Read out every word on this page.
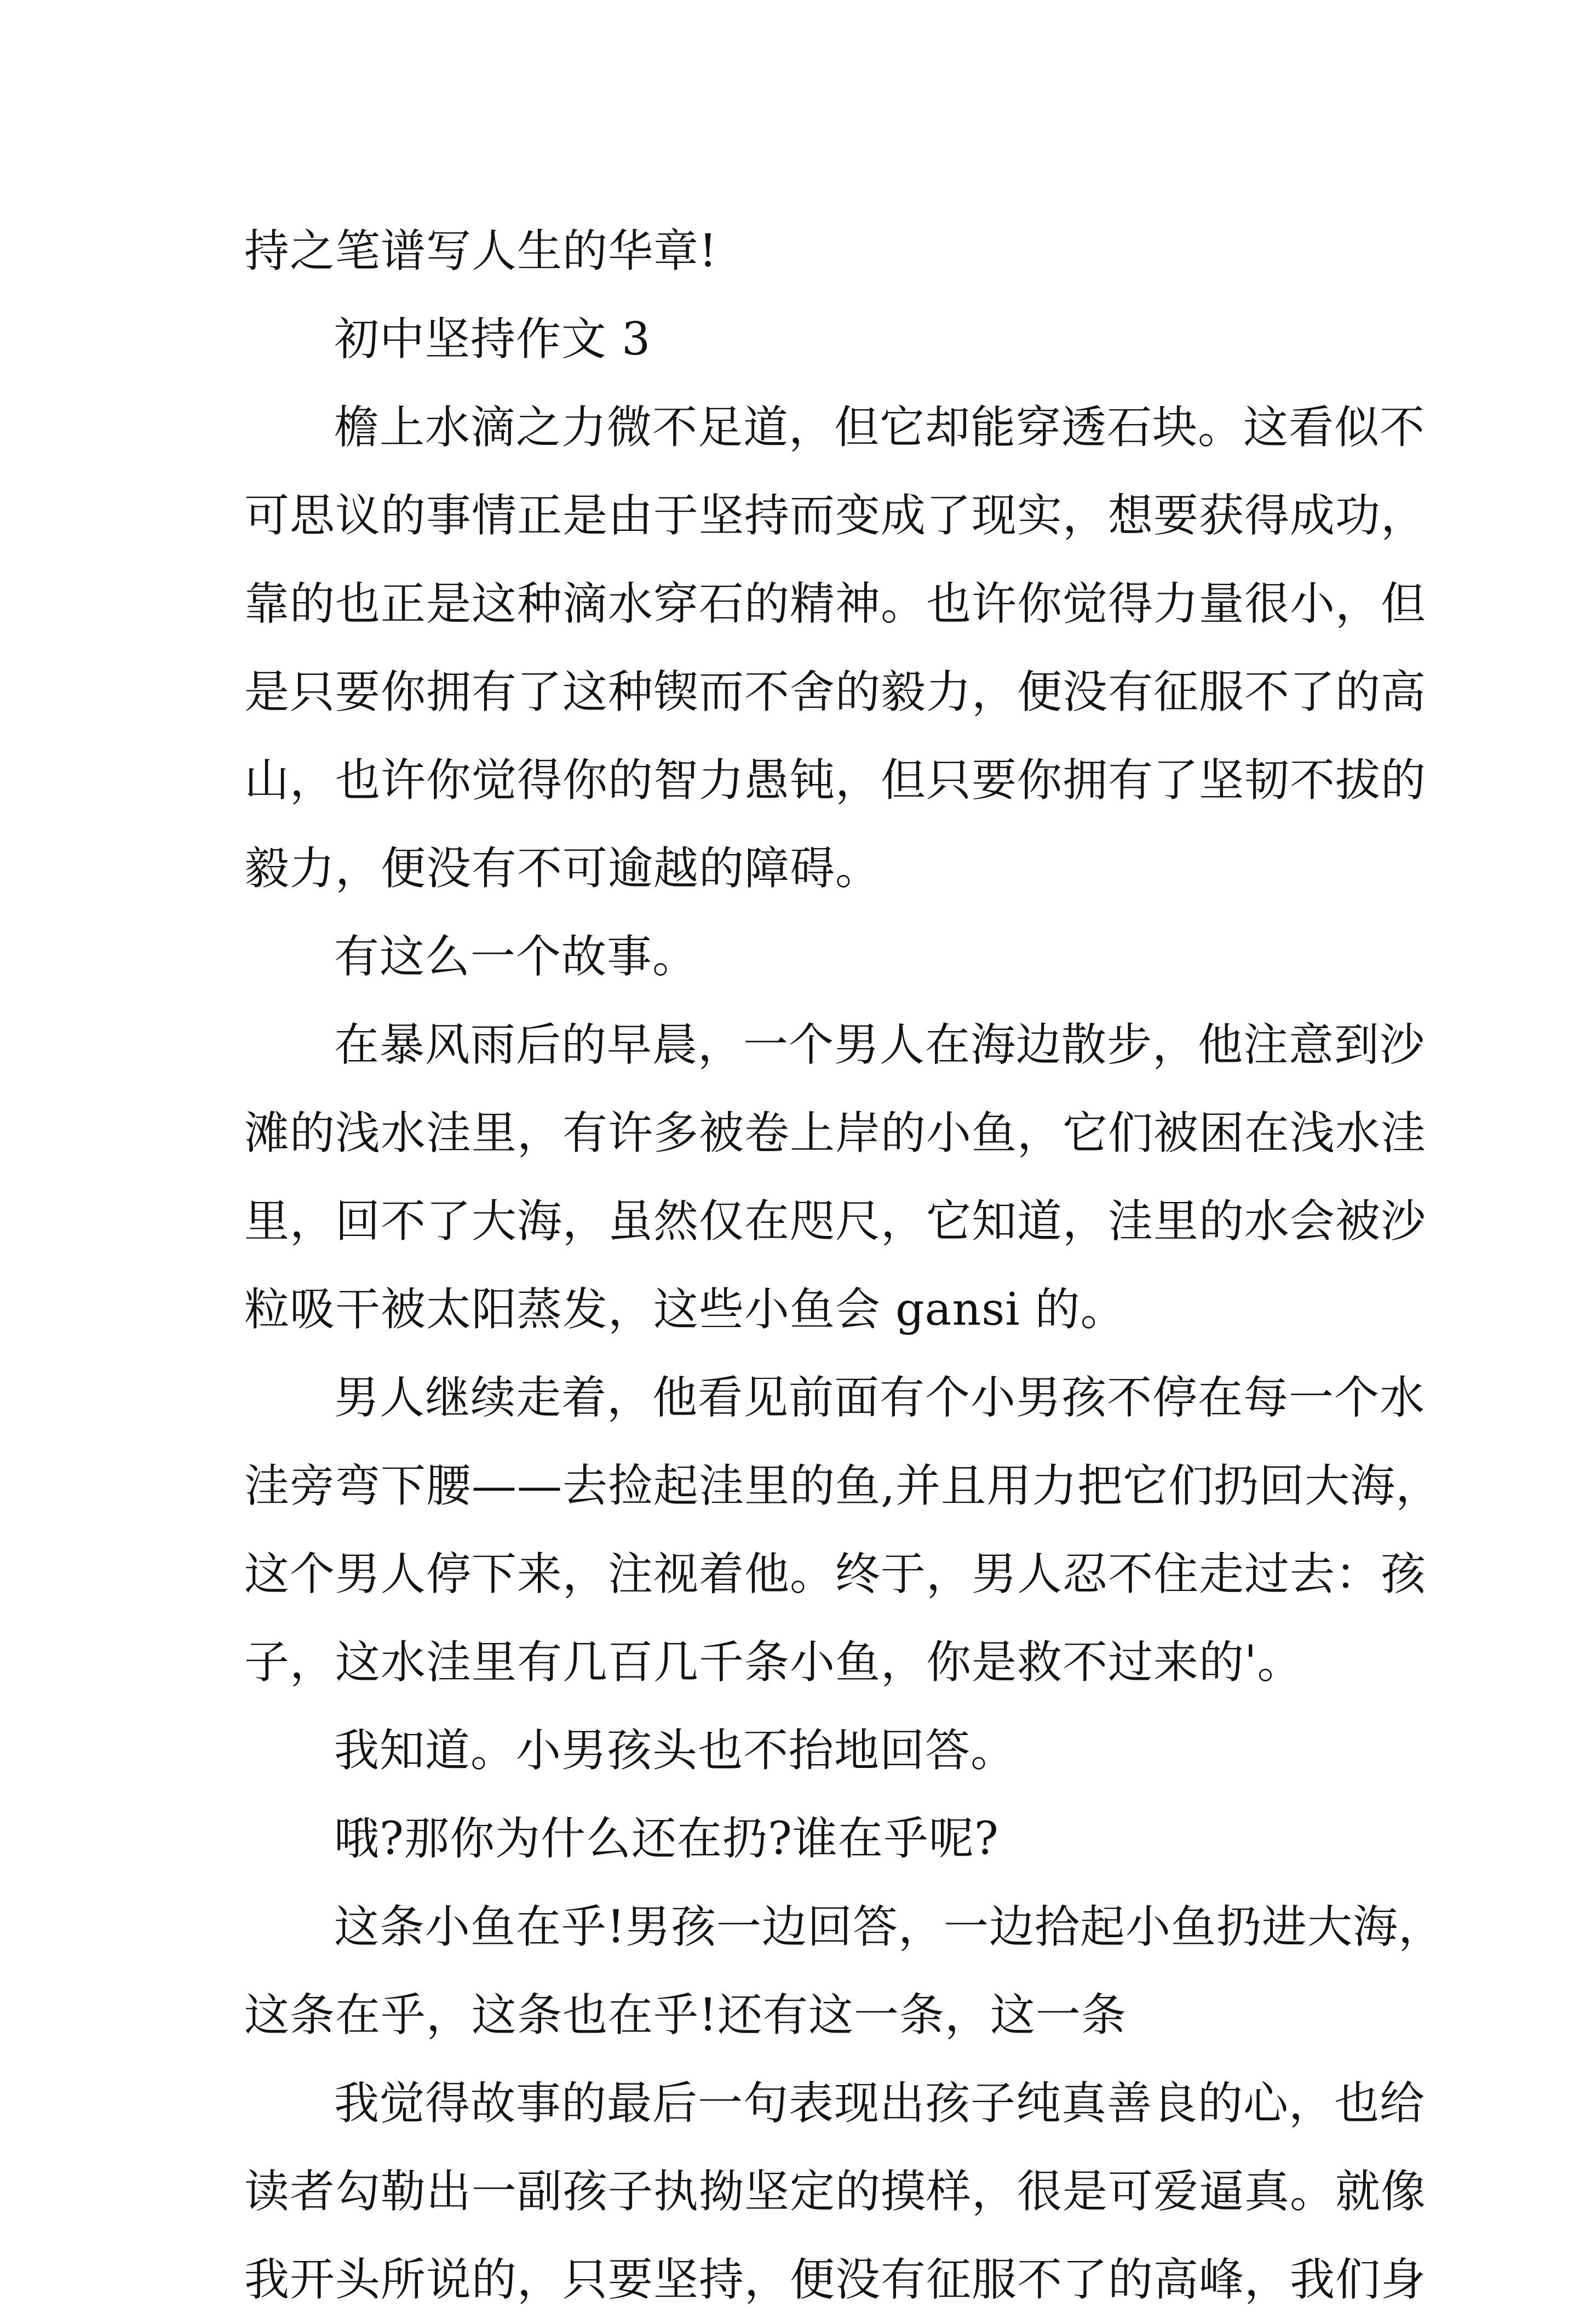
持之笔谱写人生的华章!
初中坚持作文 3
檐上水滴之力微不足道，但它却能穿透石块。这看似不
可思议的事情正是由于坚持而变成了现实，想要获得成功，
靠的也正是这种滴水穿石的精神。也许你觉得力量很小，但
是只要你拥有了这种锲而不舍的毅力，便没有征服不了的高
山，也许你觉得你的智力愚钝，但只要你拥有了坚韧不拔的
毅力，便没有不可逾越的障碍。
有这么一个故事。
在暴风雨后的早晨，一个男人在海边散步，他注意到沙
滩的浅水洼里，有许多被卷上岸的小鱼，它们被困在浅水洼
里，回不了大海，虽然仅在咫尺，它知道，洼里的水会被沙
粒吸干被太阳蒸发，这些小鱼会 gansi 的。
男人继续走着，他看见前面有个小男孩不停在每一个水
洼旁弯下腰——去捡起洼里的鱼,并且用力把它们扔回大海，
这个男人停下来，注视着他。终于，男人忍不住走过去：孩
子，这水洼里有几百几千条小鱼，你是救不过来的'。
我知道。小男孩头也不抬地回答。
哦?那你为什么还在扔?谁在乎呢?
这条小鱼在乎!男孩一边回答，一边拾起小鱼扔进大海，
这条在乎，这条也在乎!还有这一条，这一条
我觉得故事的最后一句表现出孩子纯真善良的心，也给
读者勾勒出一副孩子执拗坚定的摸样，很是可爱逼真。就像
我开头所说的，只要坚持，便没有征服不了的高峰，我们身
